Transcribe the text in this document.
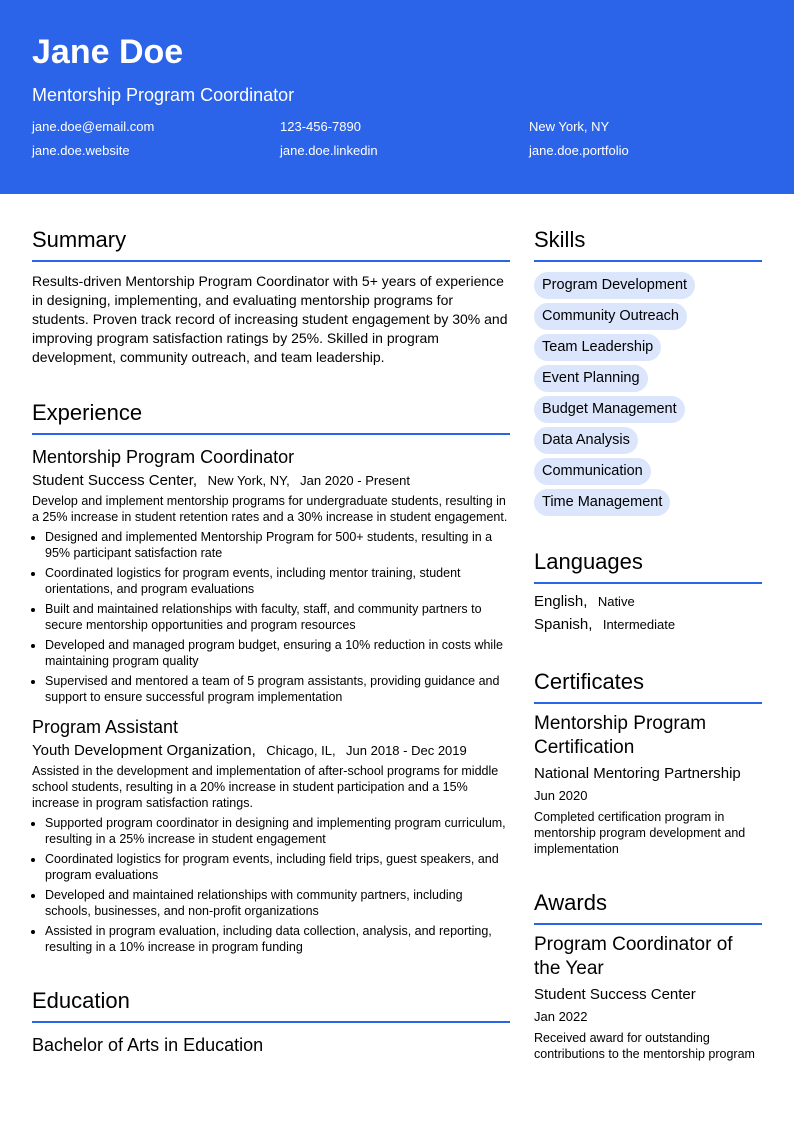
Jane Doe
Mentorship Program Coordinator
jane.doe@email.com	123-456-7890	New York, NY
jane.doe.website	jane.doe.linkedin	jane.doe.portfolio
Summary
Results-driven Mentorship Program Coordinator with 5+ years of experience in designing, implementing, and evaluating mentorship programs for students. Proven track record of increasing student engagement by 30% and improving program satisfaction ratings by 25%. Skilled in program development, community outreach, and team leadership.
Experience
Mentorship Program Coordinator
Student Success Center, New York, NY, Jan 2020 - Present
Develop and implement mentorship programs for undergraduate students, resulting in a 25% increase in student retention rates and a 30% increase in student engagement.
• Designed and implemented Mentorship Program for 500+ students, resulting in a 95% participant satisfaction rate
• Coordinated logistics for program events, including mentor training, student orientations, and program evaluations
• Built and maintained relationships with faculty, staff, and community partners to secure mentorship opportunities and program resources
• Developed and managed program budget, ensuring a 10% reduction in costs while maintaining program quality
• Supervised and mentored a team of 5 program assistants, providing guidance and support to ensure successful program implementation
Program Assistant
Youth Development Organization, Chicago, IL, Jun 2018 - Dec 2019
Assisted in the development and implementation of after-school programs for middle school students, resulting in a 20% increase in student participation and a 15% increase in program satisfaction ratings.
• Supported program coordinator in designing and implementing program curriculum, resulting in a 25% increase in student engagement
• Coordinated logistics for program events, including field trips, guest speakers, and program evaluations
• Developed and maintained relationships with community partners, including schools, businesses, and non-profit organizations
• Assisted in program evaluation, including data collection, analysis, and reporting, resulting in a 10% increase in program funding
Education
Bachelor of Arts in Education
Skills
Program Development
Community Outreach
Team Leadership
Event Planning
Budget Management
Data Analysis
Communication
Time Management
Languages
English, Native
Spanish, Intermediate
Certificates
Mentorship Program Certification
National Mentoring Partnership
Jun 2020
Completed certification program in mentorship program development and implementation
Awards
Program Coordinator of the Year
Student Success Center
Jan 2022
Received award for outstanding contributions to the mentorship program
